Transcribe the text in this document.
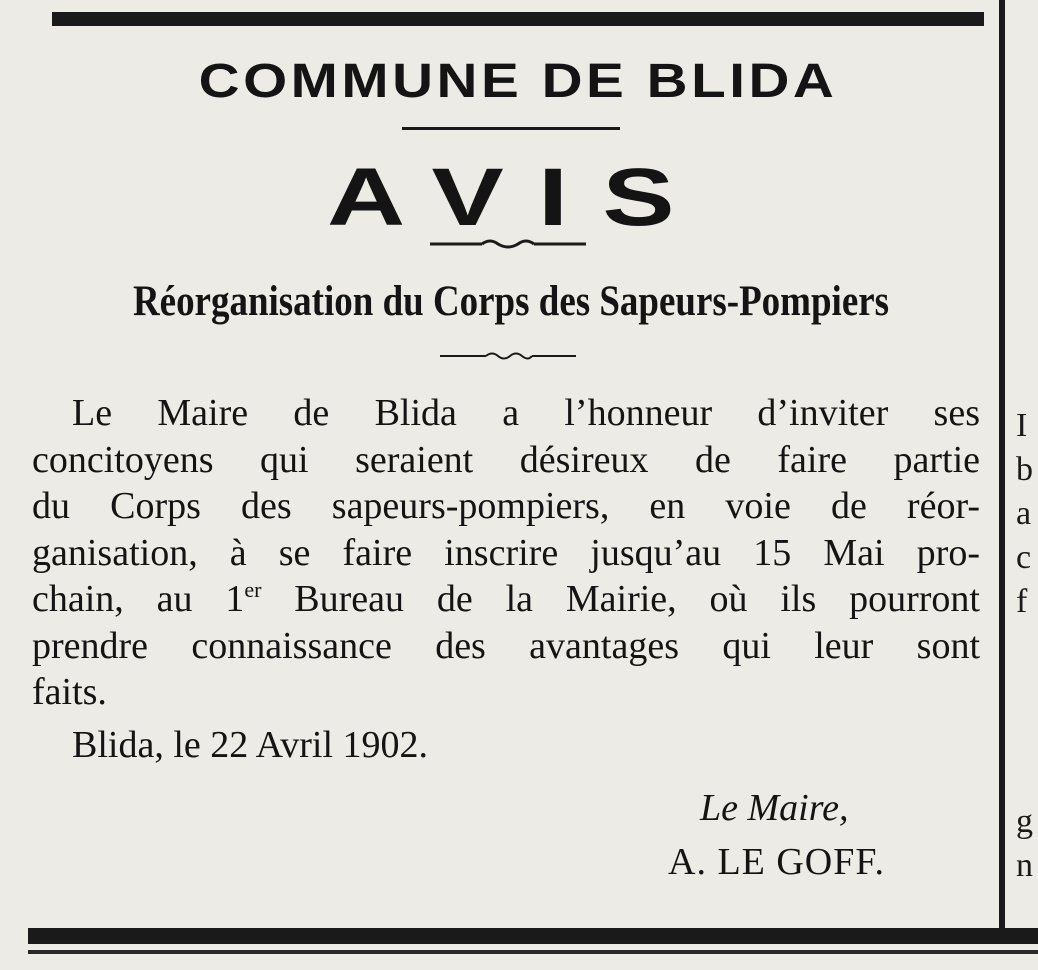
I
b
a
c
f
g
n
COMMUNE DE BLIDA
AVIS
Réorganisation du Corps des Sapeurs-Pompiers
Le Maire de Blida a l’honneur d’inviter ses
concitoyens qui seraient désireux de faire partie
du Corps des sapeurs-pompiers, en voie de réor-
ganisation, à se faire inscrire jusqu’au 15 Mai pro-
chain, au 1er Bureau de la Mairie, où ils pourront
prendre connaissance des avantages qui leur sont
faits.
Blida, le 22 Avril 1902.
Le Maire,
A. LE GOFF.
